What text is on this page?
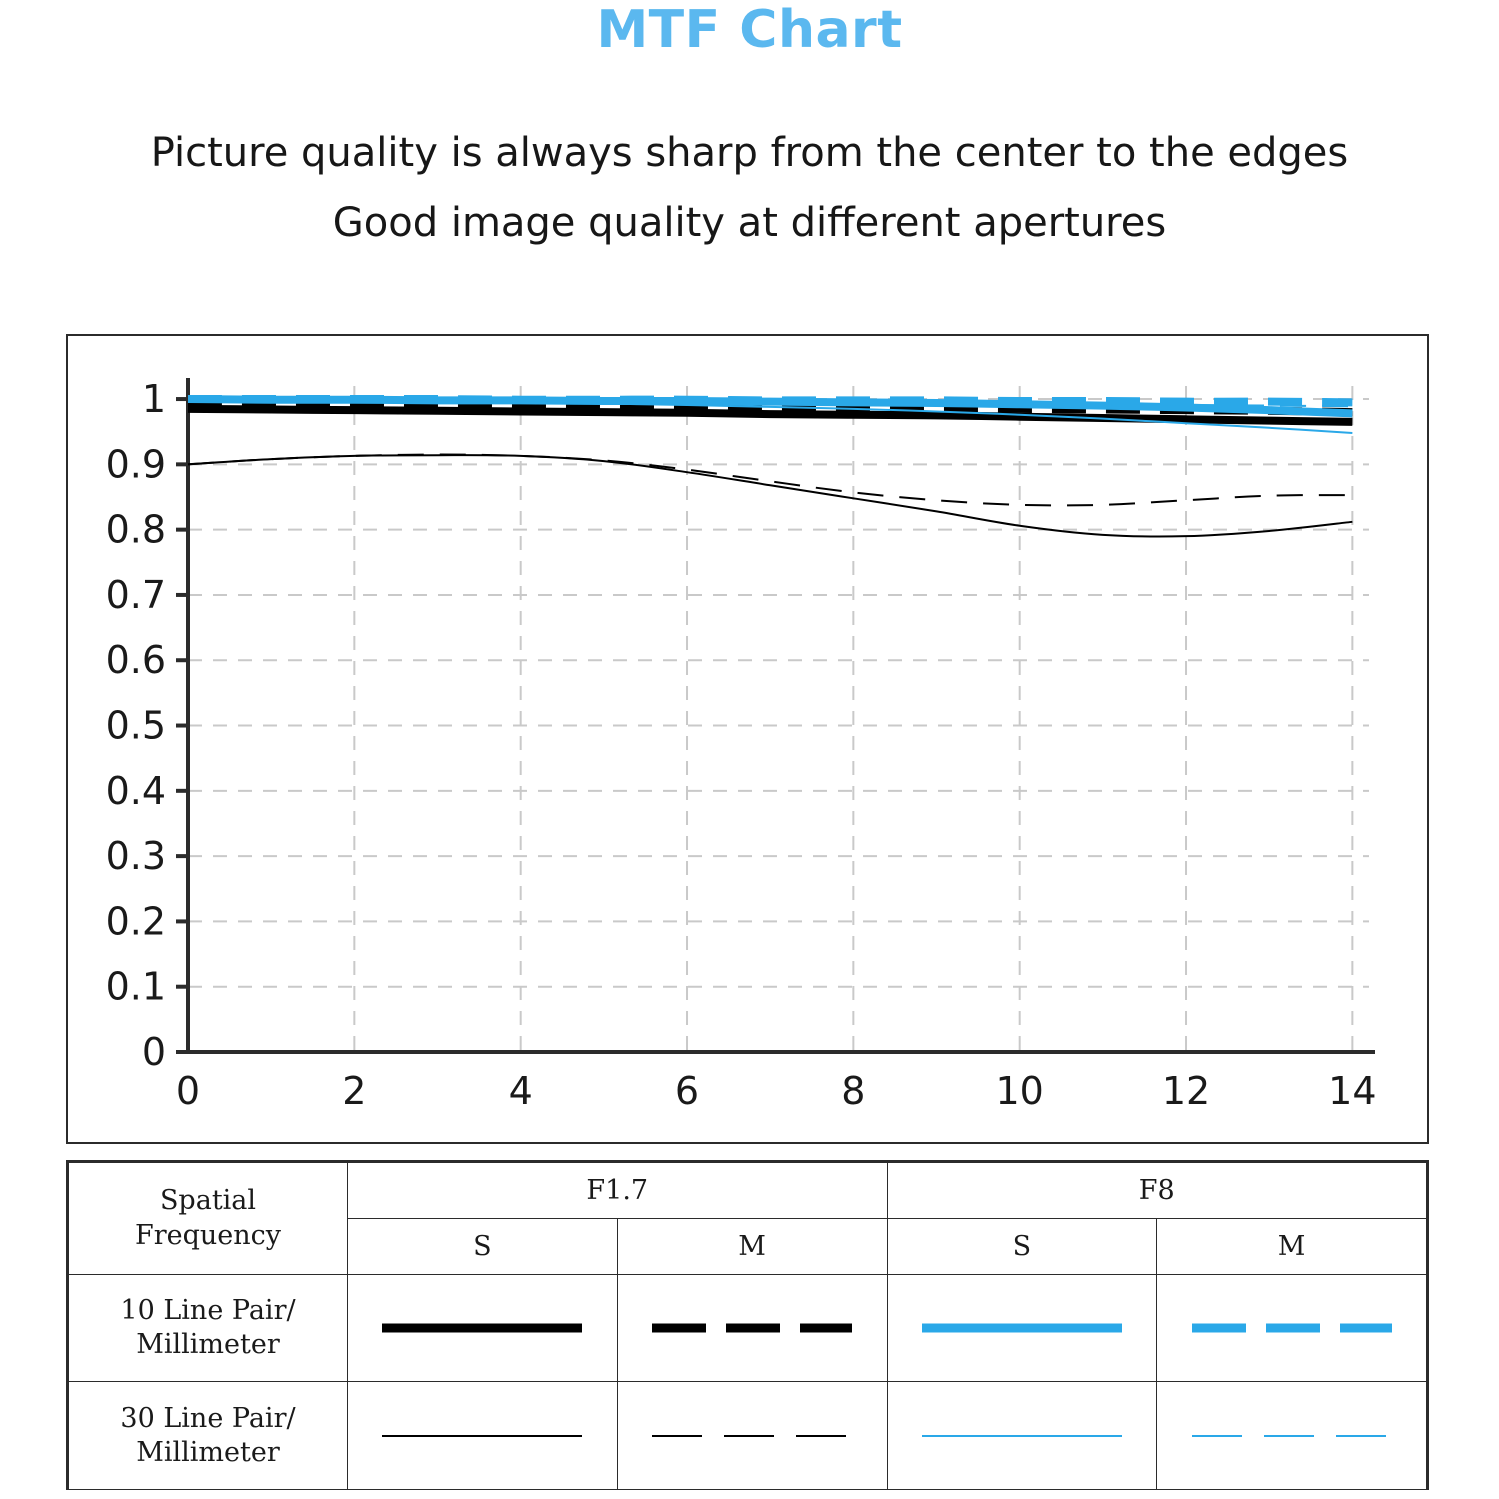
MTF Chart
Picture quality is always sharp from the center to the edges
Good image quality at different apertures
0
0.1
0.2
0.3
0.4
0.5
0.6
0.7
0.8
0.9
1
0	2	4	6	8	10	12	14
Spatial
Frequency	F1.7		F8	
	S	M	S	M

10 Line Pair/
Millimeter

30 Line Pair/
Millimeter
